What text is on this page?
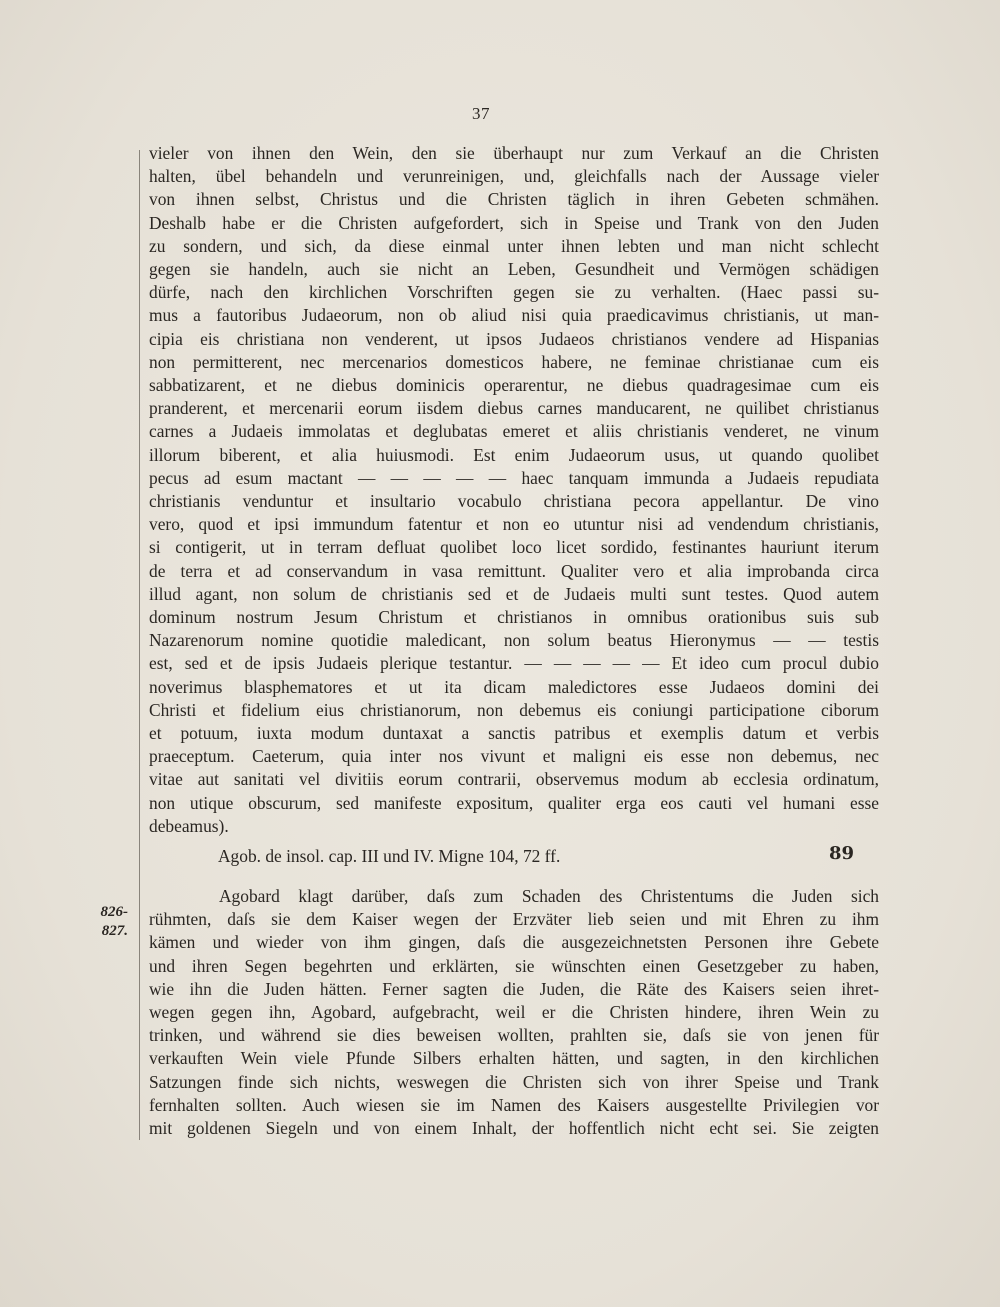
37
vieler von ihnen den Wein, den sie überhaupt nur zum Verkauf an die Christen
halten, übel behandeln und verunreinigen, und, gleichfalls nach der Aussage vieler
von ihnen selbst, Christus und die Christen täglich in ihren Gebeten schmähen.
Deshalb habe er die Christen aufgefordert, sich in Speise und Trank von den Juden
zu sondern, und sich, da diese einmal unter ihnen lebten und man nicht schlecht
gegen sie handeln, auch sie nicht an Leben, Gesundheit und Vermögen schädigen
dürfe, nach den kirchlichen Vorschriften gegen sie zu verhalten. (Haec passi su-
mus a fautoribus Judaeorum, non ob aliud nisi quia praedicavimus christianis, ut man-
cipia eis christiana non venderent, ut ipsos Judaeos christianos vendere ad Hispanias
non permitterent, nec mercenarios domesticos habere, ne feminae christianae cum eis
sabbatizarent, et ne diebus dominicis operarentur, ne diebus quadragesimae cum eis
pranderent, et mercenarii eorum iisdem diebus carnes manducarent, ne quilibet christianus
carnes a Judaeis immolatas et deglubatas emeret et aliis christianis venderet, ne vinum
illorum biberent, et alia huiusmodi. Est enim Judaeorum usus, ut quando quolibet
pecus ad esum mactant — — — — — haec tanquam immunda a Judaeis repudiata
christianis venduntur et insultario vocabulo christiana pecora appellantur. De vino
vero, quod et ipsi immundum fatentur et non eo utuntur nisi ad vendendum christianis,
si contigerit, ut in terram defluat quolibet loco licet sordido, festinantes hauriunt iterum
de terra et ad conservandum in vasa remittunt. Qualiter vero et alia improbanda circa
illud agant, non solum de christianis sed et de Judaeis multi sunt testes. Quod autem
dominum nostrum Jesum Christum et christianos in omnibus orationibus suis sub
Nazarenorum nomine quotidie maledicant, non solum beatus Hieronymus — — testis
est, sed et de ipsis Judaeis plerique testantur. — — — — — Et ideo cum procul dubio
noverimus blasphematores et ut ita dicam maledictores esse Judaeos domini dei
Christi et fidelium eius christianorum, non debemus eis coniungi participatione ciborum
et potuum, iuxta modum duntaxat a sanctis patribus et exemplis datum et verbis
praeceptum. Caeterum, quia inter nos vivunt et maligni eis esse non debemus, nec
vitae aut sanitati vel divitiis eorum contrarii, observemus modum ab ecclesia ordinatum,
non utique obscurum, sed manifeste expositum, qualiter erga eos cauti vel humani esse
debeamus).
Agob. de insol. cap. III und IV. Migne 104, 72 ff.	89
826-
827.
Agobard klagt darüber, daſs zum Schaden des Christentums die Juden sich
rühmten, daſs sie dem Kaiser wegen der Erzväter lieb seien und mit Ehren zu ihm
kämen und wieder von ihm gingen, daſs die ausgezeichnetsten Personen ihre Gebete
und ihren Segen begehrten und erklärten, sie wünschten einen Gesetzgeber zu haben,
wie ihn die Juden hätten. Ferner sagten die Juden, die Räte des Kaisers seien ihret-
wegen gegen ihn, Agobard, aufgebracht, weil er die Christen hindere, ihren Wein zu
trinken, und während sie dies beweisen wollten, prahlten sie, daſs sie von jenen für
verkauften Wein viele Pfunde Silbers erhalten hätten, und sagten, in den kirchlichen
Satzungen finde sich nichts, weswegen die Christen sich von ihrer Speise und Trank
fernhalten sollten. Auch wiesen sie im Namen des Kaisers ausgestellte Privilegien vor
mit goldenen Siegeln und von einem Inhalt, der hoffentlich nicht echt sei. Sie zeigten
